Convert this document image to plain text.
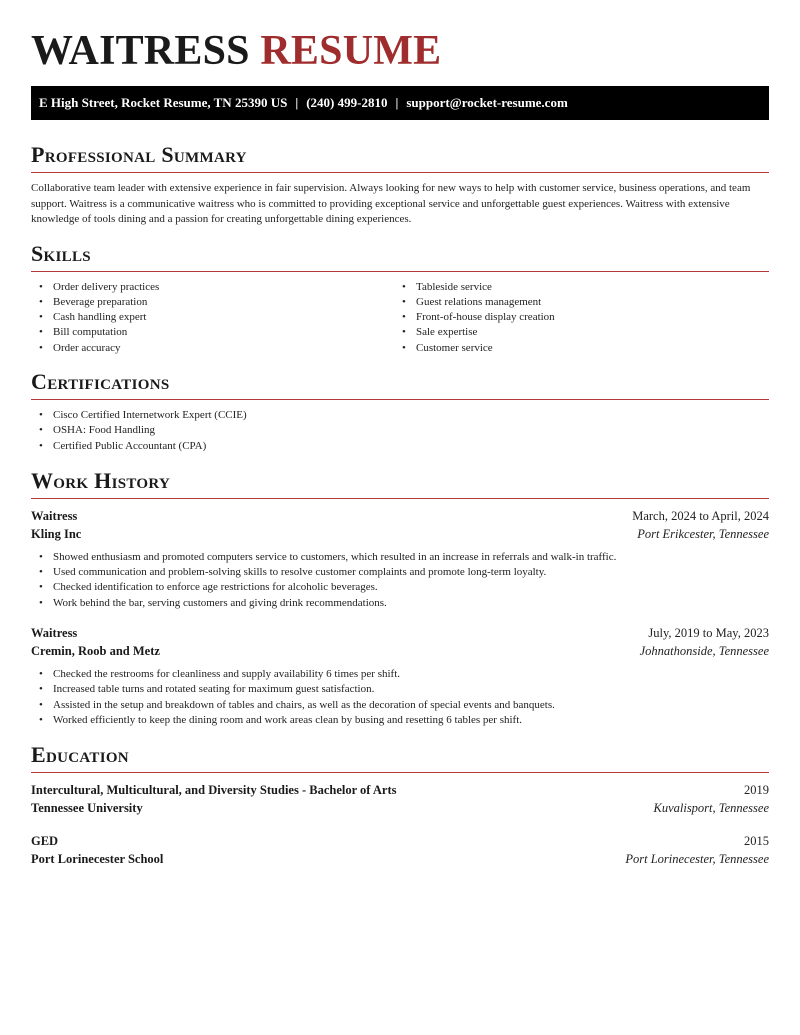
WAITRESS RESUME
E High Street, Rocket Resume, TN 25390 US | (240) 499-2810 | support@rocket-resume.com
Professional Summary

Collaborative team leader with extensive experience in fair supervision. Always looking for new ways to help with customer service, business operations, and team support. Waitress is a communicative waitress who is committed to providing exceptional service and unforgettable guest experiences. Waitress with extensive knowledge of tools dining and a passion for creating unforgettable dining experiences.

Skills
• Order delivery practices
• Beverage preparation
• Cash handling expert
• Bill computation
• Order accuracy
• Tableside service
• Guest relations management
• Front-of-house display creation
• Sale expertise
• Customer service
Certifications
• Cisco Certified Internetwork Expert (CCIE)
• OSHA: Food Handling
• Certified Public Accountant (CPA)
Work History
Waitress	March, 2024 to April, 2024
Kling Inc	Port Erikcester, Tennessee
• Showed enthusiasm and promoted computers service to customers, which resulted in an increase in referrals and walk-in traffic.
• Used communication and problem-solving skills to resolve customer complaints and promote long-term loyalty.
• Checked identification to enforce age restrictions for alcoholic beverages.
• Work behind the bar, serving customers and giving drink recommendations.
Waitress	July, 2019 to May, 2023
Cremin, Roob and Metz	Johnathonside, Tennessee
• Checked the restrooms for cleanliness and supply availability 6 times per shift.
• Increased table turns and rotated seating for maximum guest satisfaction.
• Assisted in the setup and breakdown of tables and chairs, as well as the decoration of special events and banquets.
• Worked efficiently to keep the dining room and work areas clean by busing and resetting 6 tables per shift.
Education
Intercultural, Multicultural, and Diversity Studies - Bachelor of Arts	2019
Tennessee University	Kuvalisport, Tennessee
GED	2015
Port Lorinecester School	Port Lorinecester, Tennessee
